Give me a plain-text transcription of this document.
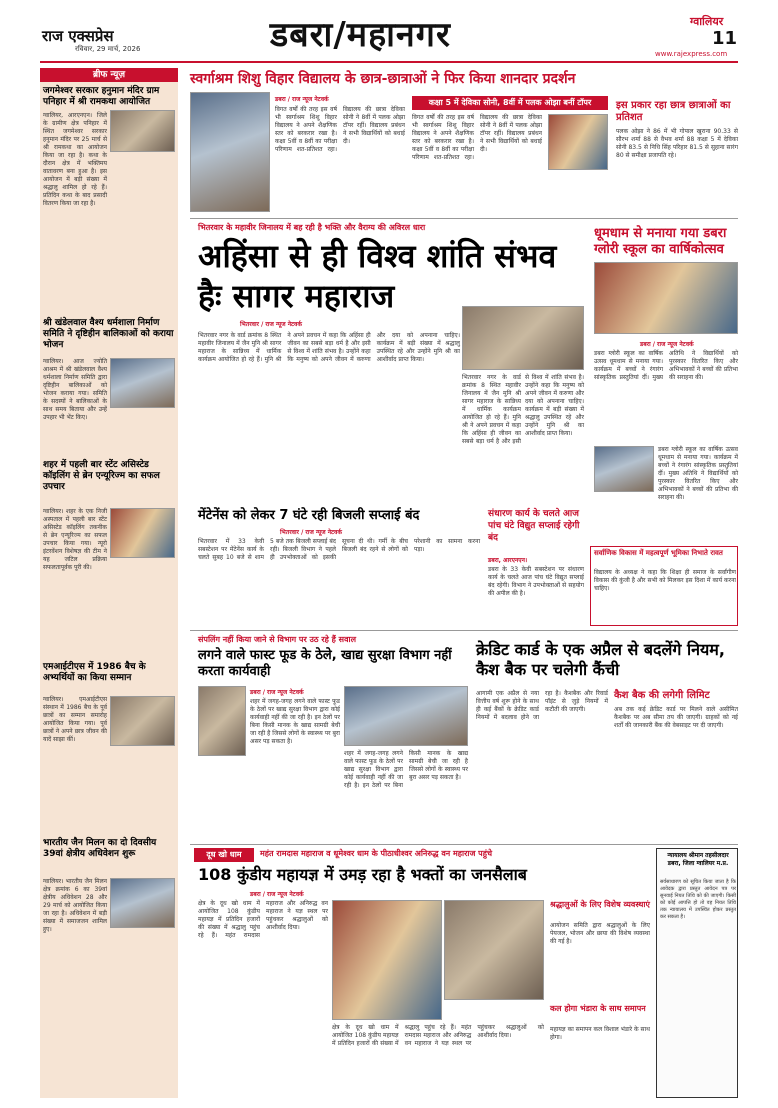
राज एक्सप्रेस
रविवार, 29 मार्च, 2026	डबरा/महानगर	ग्वालियर
11
www.rajexpress.com
ब्रीफ न्यूज़
जगमेश्वर सरकार हनुमान मंदिर ग्राम पनिहार में श्री रामकथा आयोजित
ग्वालियर, आरएनएन। जिले के ग्रामीण क्षेत्र पनिहार में स्थित जगमेश्वर सरकार हनुमान मंदिर पर 25 मार्च से श्री रामकथा का आयोजन किया जा रहा है। कथा के दौरान क्षेत्र में भक्तिमय वातावरण बना हुआ है। इस आयोजन में बड़ी संख्या में श्रद्धालु शामिल हो रहे हैं। प्रतिदिन कथा के बाद प्रसादी वितरण किया जा रहा है।
श्री खंडेलवाल वैश्य धर्मशाला निर्माण समिति ने दृष्टिहीन बालिकाओं को कराया भोजन
ग्वालियर। आज ज्योति आश्रम में श्री खंडेलवाल वैश्य धर्मशाला निर्माण समिति द्वारा दृष्टिहीन बालिकाओं को भोजन कराया गया। समिति के सदस्यों ने बालिकाओं के साथ समय बिताया और उन्हें उपहार भी भेंट किए।
शहर में पहली बार स्टेंट असिस्टेड कॉइलिंग से ब्रेन एन्यूरिज्म का सफल उपचार
ग्वालियर। शहर के एक निजी अस्पताल में पहली बार स्टेंट असिस्टेड कॉइलिंग तकनीक से ब्रेन एन्यूरिज्म का सफल उपचार किया गया। न्यूरो इंटरवेंशन विशेषज्ञ की टीम ने यह जटिल प्रक्रिया सफलतापूर्वक पूरी की।
एमआईटीएस में 1986 बैच के अभ्यर्थियों का किया सम्मान
ग्वालियर। एमआईटीएस संस्थान में 1986 बैच के पूर्व छात्रों का सम्मान समारोह आयोजित किया गया। पूर्व छात्रों ने अपने छात्र जीवन की यादें साझा कीं।
भारतीय जैन मिलन का दो दिवसीय 39वां क्षेत्रीय अधिवेशन शुरू
ग्वालियर। भारतीय जैन मिलन क्षेत्र क्रमांक 6 का 39वां क्षेत्रीय अधिवेशन 28 और 29 मार्च को आयोजित किया जा रहा है। अधिवेशन में बड़ी संख्या में समाजजन शामिल हुए।
स्वर्गाश्रम शिशु विहार विद्यालय के छात्र-छात्राओं ने फिर किया शानदार प्रदर्शन
डबरा / राज न्यूज नेटवर्क
विगत वर्षों की तरह इस वर्ष भी स्वर्गाश्रम शिशु विहार विद्यालय ने अपने शैक्षणिक स्तर को बरकरार रखा है। कक्षा 5वीं व 8वीं का परीक्षा परिणाम शत-प्रतिशत रहा। विद्यालय की छात्रा देविका सोनी ने 8वीं में पलक ओझा टॉपर रहीं। विद्यालय प्रबंधन ने सभी विद्यार्थियों को बधाई दी।
कक्षा 5 में देविका सोनी, 8वीं में पलक ओझा बनीं टॉपर
विगत वर्षों की तरह इस वर्ष भी स्वर्गाश्रम शिशु विहार विद्यालय ने अपने शैक्षणिक स्तर को बरकरार रखा है। कक्षा 5वीं व 8वीं का परीक्षा परिणाम शत-प्रतिशत रहा। विद्यालय की छात्रा देविका सोनी ने 8वीं में पलक ओझा टॉपर रहीं। विद्यालय प्रबंधन ने सभी विद्यार्थियों को बधाई दी।
इस प्रकार रहा छात्र छात्राओं का प्रतिशत
पलक ओझा ने 86 में भी गोपाल खुराना 90.33 से सौरभ शर्मा 88 से वैभव शर्मा 88 कक्षा 5 में देविका सोनी 83.5 से निधि सिंह परिहार 81.5 से सुहाना सारंग 80 से समीक्षा प्रजापति रहे।
भितरवार के महावीर जिनालय में बह रही है भक्ति और वैराग्य की अविरल धारा
अहिंसा से ही विश्व शांति संभव हैः सागर महाराज
भितरवार / राज न्यूज नेटवर्क
भितरवार नगर के वार्ड क्रमांक 8 स्थित महावीर जिनालय में जैन मुनि श्री सागर महाराज के सान्निध्य में धार्मिक कार्यक्रम आयोजित हो रहे हैं। मुनि श्री ने अपने प्रवचन में कहा कि अहिंसा ही जीवन का सबसे बड़ा धर्म है और इसी से विश्व में शांति संभव है। उन्होंने कहा कि मनुष्य को अपने जीवन में करुणा और दया को अपनाना चाहिए। कार्यक्रम में बड़ी संख्या में श्रद्धालु उपस्थित रहे और उन्होंने मुनि श्री का आशीर्वाद प्राप्त किया।
भितरवार नगर के वार्ड क्रमांक 8 स्थित महावीर जिनालय में जैन मुनि श्री सागर महाराज के सान्निध्य में धार्मिक कार्यक्रम आयोजित हो रहे हैं। मुनि श्री ने अपने प्रवचन में कहा कि अहिंसा ही जीवन का सबसे बड़ा धर्म है और इसी से विश्व में शांति संभव है। उन्होंने कहा कि मनुष्य को अपने जीवन में करुणा और दया को अपनाना चाहिए। कार्यक्रम में बड़ी संख्या में श्रद्धालु उपस्थित रहे और उन्होंने मुनि श्री का आशीर्वाद प्राप्त किया।
धूमधाम से मनाया गया डबरा ग्लोरी स्कूल का वार्षिकोत्सव
डबरा / राज न्यूज नेटवर्क
डबरा ग्लोरी स्कूल का वार्षिक उत्सव धूमधाम से मनाया गया। कार्यक्रम में बच्चों ने रंगारंग सांस्कृतिक प्रस्तुतियां दीं। मुख्य अतिथि ने विद्यार्थियों को पुरस्कार वितरित किए और अभिभावकों ने बच्चों की प्रतिभा की सराहना की।
डबरा ग्लोरी स्कूल का वार्षिक उत्सव धूमधाम से मनाया गया। कार्यक्रम में बच्चों ने रंगारंग सांस्कृतिक प्रस्तुतियां दीं। मुख्य अतिथि ने विद्यार्थियों को पुरस्कार वितरित किए और अभिभावकों ने बच्चों की प्रतिभा की सराहना की।
सर्वाणिक विकास में महत्वपूर्ण भूमिका निभाते रावत
विद्यालय के अध्यक्ष ने कहा कि शिक्षा ही समाज के सर्वांगीण विकास की कुंजी है और सभी को मिलकर इस दिशा में कार्य करना चाहिए।
मेंटेनेंस को लेकर 7 घंटे रही बिजली सप्लाई बंद
भितरवार / राज न्यूज नेटवर्क
भितरवार में 33 केवी सबस्टेशन पर मेंटेनेंस कार्य के चलते सुबह 10 बजे से शाम 5 बजे तक बिजली सप्लाई बंद रही। बिजली विभाग ने पहले ही उपभोक्ताओं को इसकी सूचना दी थी। गर्मी के बीच बिजली बंद रहने से लोगों को परेशानी का सामना करना पड़ा।
संधारण कार्य के चलते आज पांच घंटे विद्युत सप्लाई रहेगी बंद
डबरा, आरएनएन।
डबरा के 33 केवी सबस्टेशन पर संधारण कार्य के चलते आज पांच घंटे विद्युत सप्लाई बंद रहेगी। विभाग ने उपभोक्ताओं से सहयोग की अपील की है।
संपलिंग नहीं किया जाने से विभाग पर उठ रहे हैं सवाल
लगने वाले फास्ट फूड के ठेले, खाद्य सुरक्षा विभाग नहीं करता कार्यवाही
डबरा / राज न्यूज नेटवर्क
शहर में जगह-जगह लगने वाले फास्ट फूड के ठेलों पर खाद्य सुरक्षा विभाग द्वारा कोई कार्यवाही नहीं की जा रही है। इन ठेलों पर बिना किसी मानक के खाद्य सामग्री बेची जा रही है जिससे लोगों के स्वास्थ्य पर बुरा असर पड़ सकता है।
शहर में जगह-जगह लगने वाले फास्ट फूड के ठेलों पर खाद्य सुरक्षा विभाग द्वारा कोई कार्यवाही नहीं की जा रही है। इन ठेलों पर बिना किसी मानक के खाद्य सामग्री बेची जा रही है जिससे लोगों के स्वास्थ्य पर बुरा असर पड़ सकता है।
क्रेडिट कार्ड के एक अप्रैल से बदलेंगे नियम, कैश बैक पर चलेगी कैंची
आगामी एक अप्रैल से नया वित्तीय वर्ष शुरू होने के साथ ही कई बैंकों के क्रेडिट कार्ड नियमों में बदलाव होने जा रहा है। कैशबैक और रिवार्ड पॉइंट से जुड़े नियमों में कटौती की जाएगी।
कैश बैक की लगेगी लिमिट
अब तक कई क्रेडिट कार्ड पर मिलने वाले असीमित कैशबैक पर अब सीमा तय की जाएगी। ग्राहकों को नई शर्तों की जानकारी बैंक की वेबसाइट पर दी जाएगी।
दूध खो धाम	महंत रामदास महाराज व धूमेश्वर धाम के पीठाधीश्वर अनिरुद्ध वन महाराज पहुंचे
108 कुंडीय महायज्ञ में उमड़ रहा है भक्तों का जनसैलाब
डबरा / राज न्यूज नेटवर्क
क्षेत्र के दूध खो धाम में आयोजित 108 कुंडीय महायज्ञ में प्रतिदिन हजारों की संख्या में श्रद्धालु पहुंच रहे हैं। महंत रामदास महाराज और अनिरुद्ध वन महाराज ने यज्ञ स्थल पर पहुंचकर श्रद्धालुओं को आशीर्वाद दिया।
क्षेत्र के दूध खो धाम में आयोजित 108 कुंडीय महायज्ञ में प्रतिदिन हजारों की संख्या में श्रद्धालु पहुंच रहे हैं। महंत रामदास महाराज और अनिरुद्ध वन महाराज ने यज्ञ स्थल पर पहुंचकर श्रद्धालुओं को आशीर्वाद दिया।
श्रद्धालुओं के लिए विशेष व्यवस्थाएं
आयोजन समिति द्वारा श्रद्धालुओं के लिए पेयजल, भोजन और छाया की विशेष व्यवस्था की गई है।
कल होगा भंडारा के साथ समापन
महायज्ञ का समापन कल विशाल भंडारे के साथ होगा।
न्यायालय श्रीमान तहसीलदार डबरा, जिला ग्वालियर म.प्र.
सर्वसाधारण को सूचित किया जाता है कि आवेदक द्वारा प्रस्तुत आवेदन पत्र पर सुनवाई नियत तिथि को की जाएगी। किसी को कोई आपत्ति हो तो वह नियत तिथि तक न्यायालय में उपस्थित होकर प्रस्तुत कर सकता है।
